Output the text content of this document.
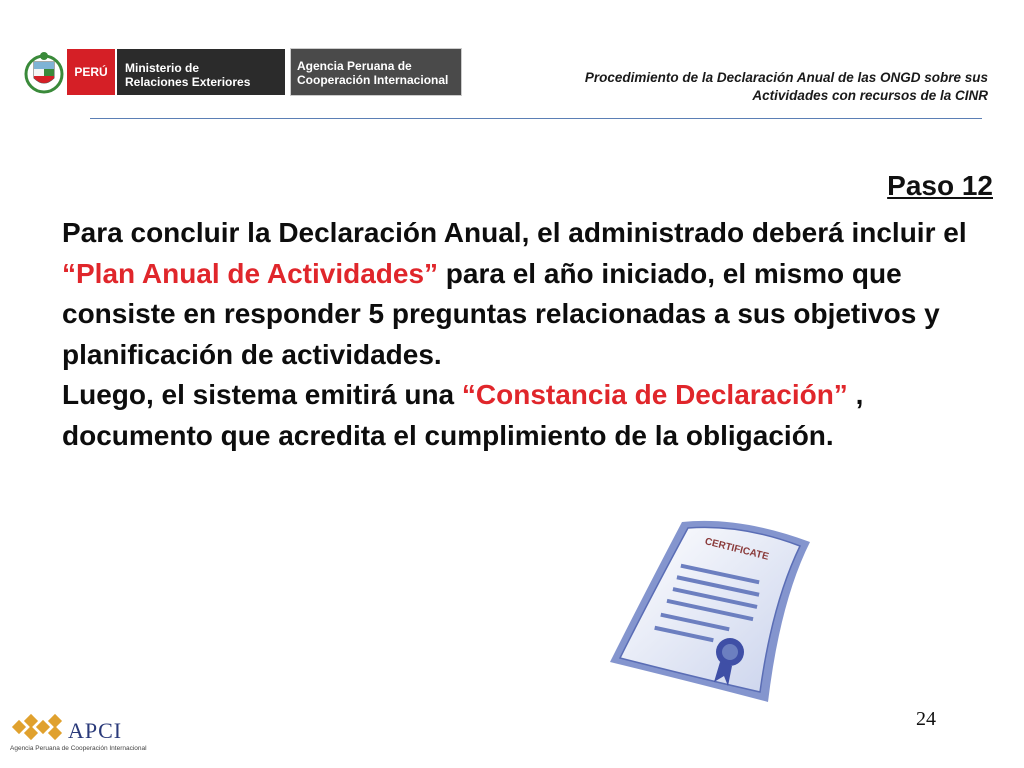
PERÚ Ministerio de
Relaciones Exteriores
Agencia Peruana de
Cooperación Internacional	Procedimiento de la Declaración Anual de las ONGD sobre sus
Actividades con recursos de la CINR
Paso 12

Para concluir la Declaración Anual, el administrado deberá incluir el “Plan Anual de Actividades” para el año iniciado, el mismo que consiste en responder 5 preguntas relacionadas a sus objetivos y planificación de actividades.

Luego, el sistema emitirá una “Constancia de Declaración” , documento que acredita el cumplimiento de la obligación.

CERTIFICATE
24
APCI
Agencia Peruana de Cooperación Internacional
